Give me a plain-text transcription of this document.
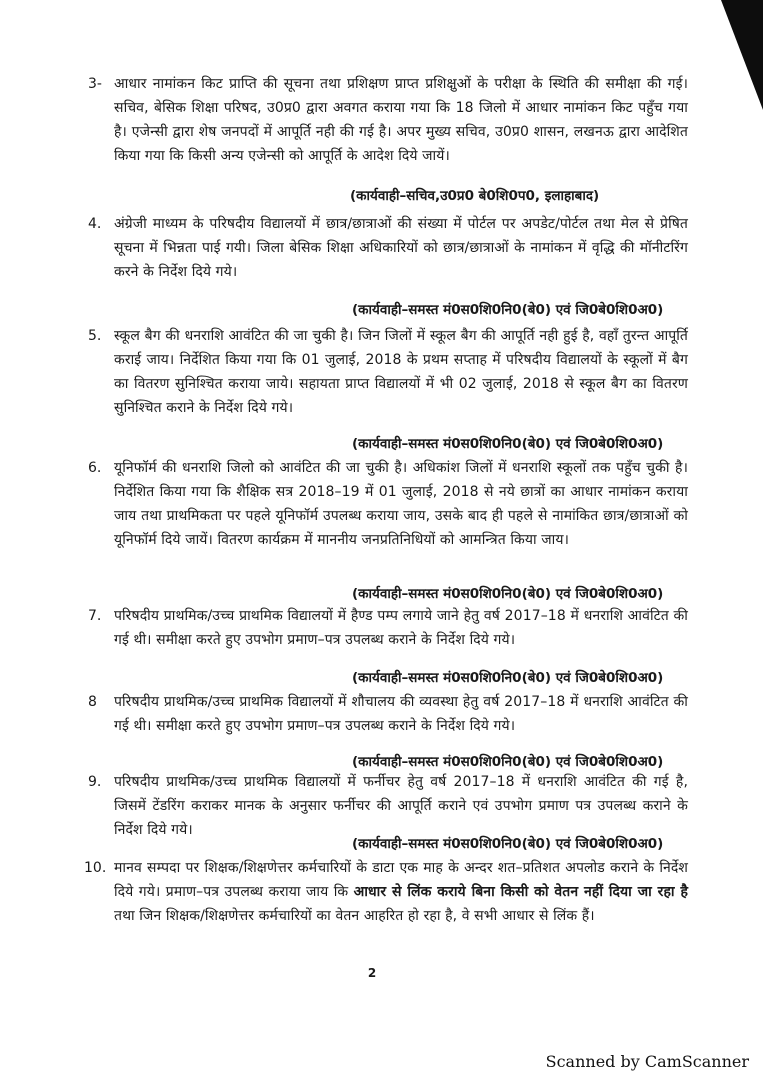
3- आधार नामांकन किट प्राप्ति की सूचना तथा प्रशिक्षण प्राप्त प्रशिक्षुओं के परीक्षा के स्थिति की समीक्षा की गई। सचिव, बेसिक शिक्षा परिषद, उ0प्र0 द्वारा अवगत कराया गया कि 18 जिलो में आधार नामांकन किट पहुँच गया है। एजेन्सी द्वारा शेष जनपदों में आपूर्ति नही की गई है। अपर मुख्य सचिव, उ0प्र0 शासन, लखनऊ द्वारा आदेशित किया गया कि किसी अन्य एजेन्सी को आपूर्ति के आदेश दिये जायें।
(कार्यवाही–सचिव,उ0प्र0 बे0शि0प0, इलाहाबाद)
4. अंग्रेजी माध्यम के परिषदीय विद्यालयों में छात्र/छात्राओं की संख्या में पोर्टल पर अपडेट/पोर्टल तथा मेल से प्रेषित सूचना में भिन्नता पाई गयी। जिला बेसिक शिक्षा अधिकारियों को छात्र/छात्राओं के नामांकन में वृद्धि की मॉनीटरिंग करने के निर्देश दिये गये।
(कार्यवाही–समस्त मं0स0शि0नि0(बे0) एवं जि0बे0शि0अ0)
5. स्कूल बैग की धनराशि आवंटित की जा चुकी है। जिन जिलों में स्कूल बैग की आपूर्ति नही हुई है, वहाँ तुरन्त आपूर्ति कराई जाय। निर्देशित किया गया कि 01 जुलाई, 2018 के प्रथम सप्ताह में परिषदीय विद्यालयों के स्कूलों में बैग का वितरण सुनिश्चित कराया जाये। सहायता प्राप्त विद्यालयों में भी 02 जुलाई, 2018 से स्कूल बैग का वितरण सुनिश्चित कराने के निर्देश दिये गये।
(कार्यवाही–समस्त मं0स0शि0नि0(बे0) एवं जि0बे0शि0अ0)
6. यूनिफॉर्म की धनराशि जिलो को आवंटित की जा चुकी है। अधिकांश जिलों में धनराशि स्कूलों तक पहुँच चुकी है। निर्देशित किया गया कि शैक्षिक सत्र 2018–19 में 01 जुलाई, 2018 से नये छात्रों का आधार नामांकन कराया जाय तथा प्राथमिकता पर पहले यूनिफॉर्म उपलब्ध कराया जाय, उसके बाद ही पहले से नामांकित छात्र/छात्राओं को यूनिफॉर्म दिये जायें। वितरण कार्यक्रम में माननीय जनप्रतिनिधियों को आमन्त्रित किया जाय।
(कार्यवाही–समस्त मं0स0शि0नि0(बे0) एवं जि0बे0शि0अ0)
7. परिषदीय प्राथमिक/उच्च प्राथमिक विद्यालयों में हैण्ड पम्प लगाये जाने हेतु वर्ष 2017–18 में धनराशि आवंटित की गई थी। समीक्षा करते हुए उपभोग प्रमाण–पत्र उपलब्ध कराने के निर्देश दिये गये।
(कार्यवाही–समस्त मं0स0शि0नि0(बे0) एवं जि0बे0शि0अ0)
8	परिषदीय प्राथमिक/उच्च प्राथमिक विद्यालयों में शौचालय की व्यवस्था हेतु वर्ष 2017–18 में धनराशि आवंटित की गई थी। समीक्षा करते हुए उपभोग प्रमाण–पत्र उपलब्ध कराने के निर्देश दिये गये।
(कार्यवाही–समस्त मं0स0शि0नि0(बे0) एवं जि0बे0शि0अ0)
9. परिषदीय प्राथमिक/उच्च प्राथमिक विद्यालयों में फर्नीचर हेतु वर्ष 2017–18 में धनराशि आवंटित की गई है, जिसमें टेंडरिंग कराकर मानक के अनुसार फर्नीचर की आपूर्ति कराने एवं उपभोग प्रमाण पत्र उपलब्ध कराने के निर्देश दिये गये।
(कार्यवाही–समस्त मं0स0शि0नि0(बे0) एवं जि0बे0शि0अ0)
10. मानव सम्पदा पर शिक्षक/शिक्षणेत्तर कर्मचारियों के डाटा एक माह के अन्दर शत–प्रतिशत अपलोड कराने के निर्देश दिये गये। प्रमाण–पत्र उपलब्ध कराया जाय कि आधार से लिंक कराये बिना किसी को वेतन नहीं दिया जा रहा है तथा जिन शिक्षक/शिक्षणेत्तर कर्मचारियों का वेतन आहरित हो रहा है, वे सभी आधार से लिंक हैं।
2
Scanned by CamScanner
